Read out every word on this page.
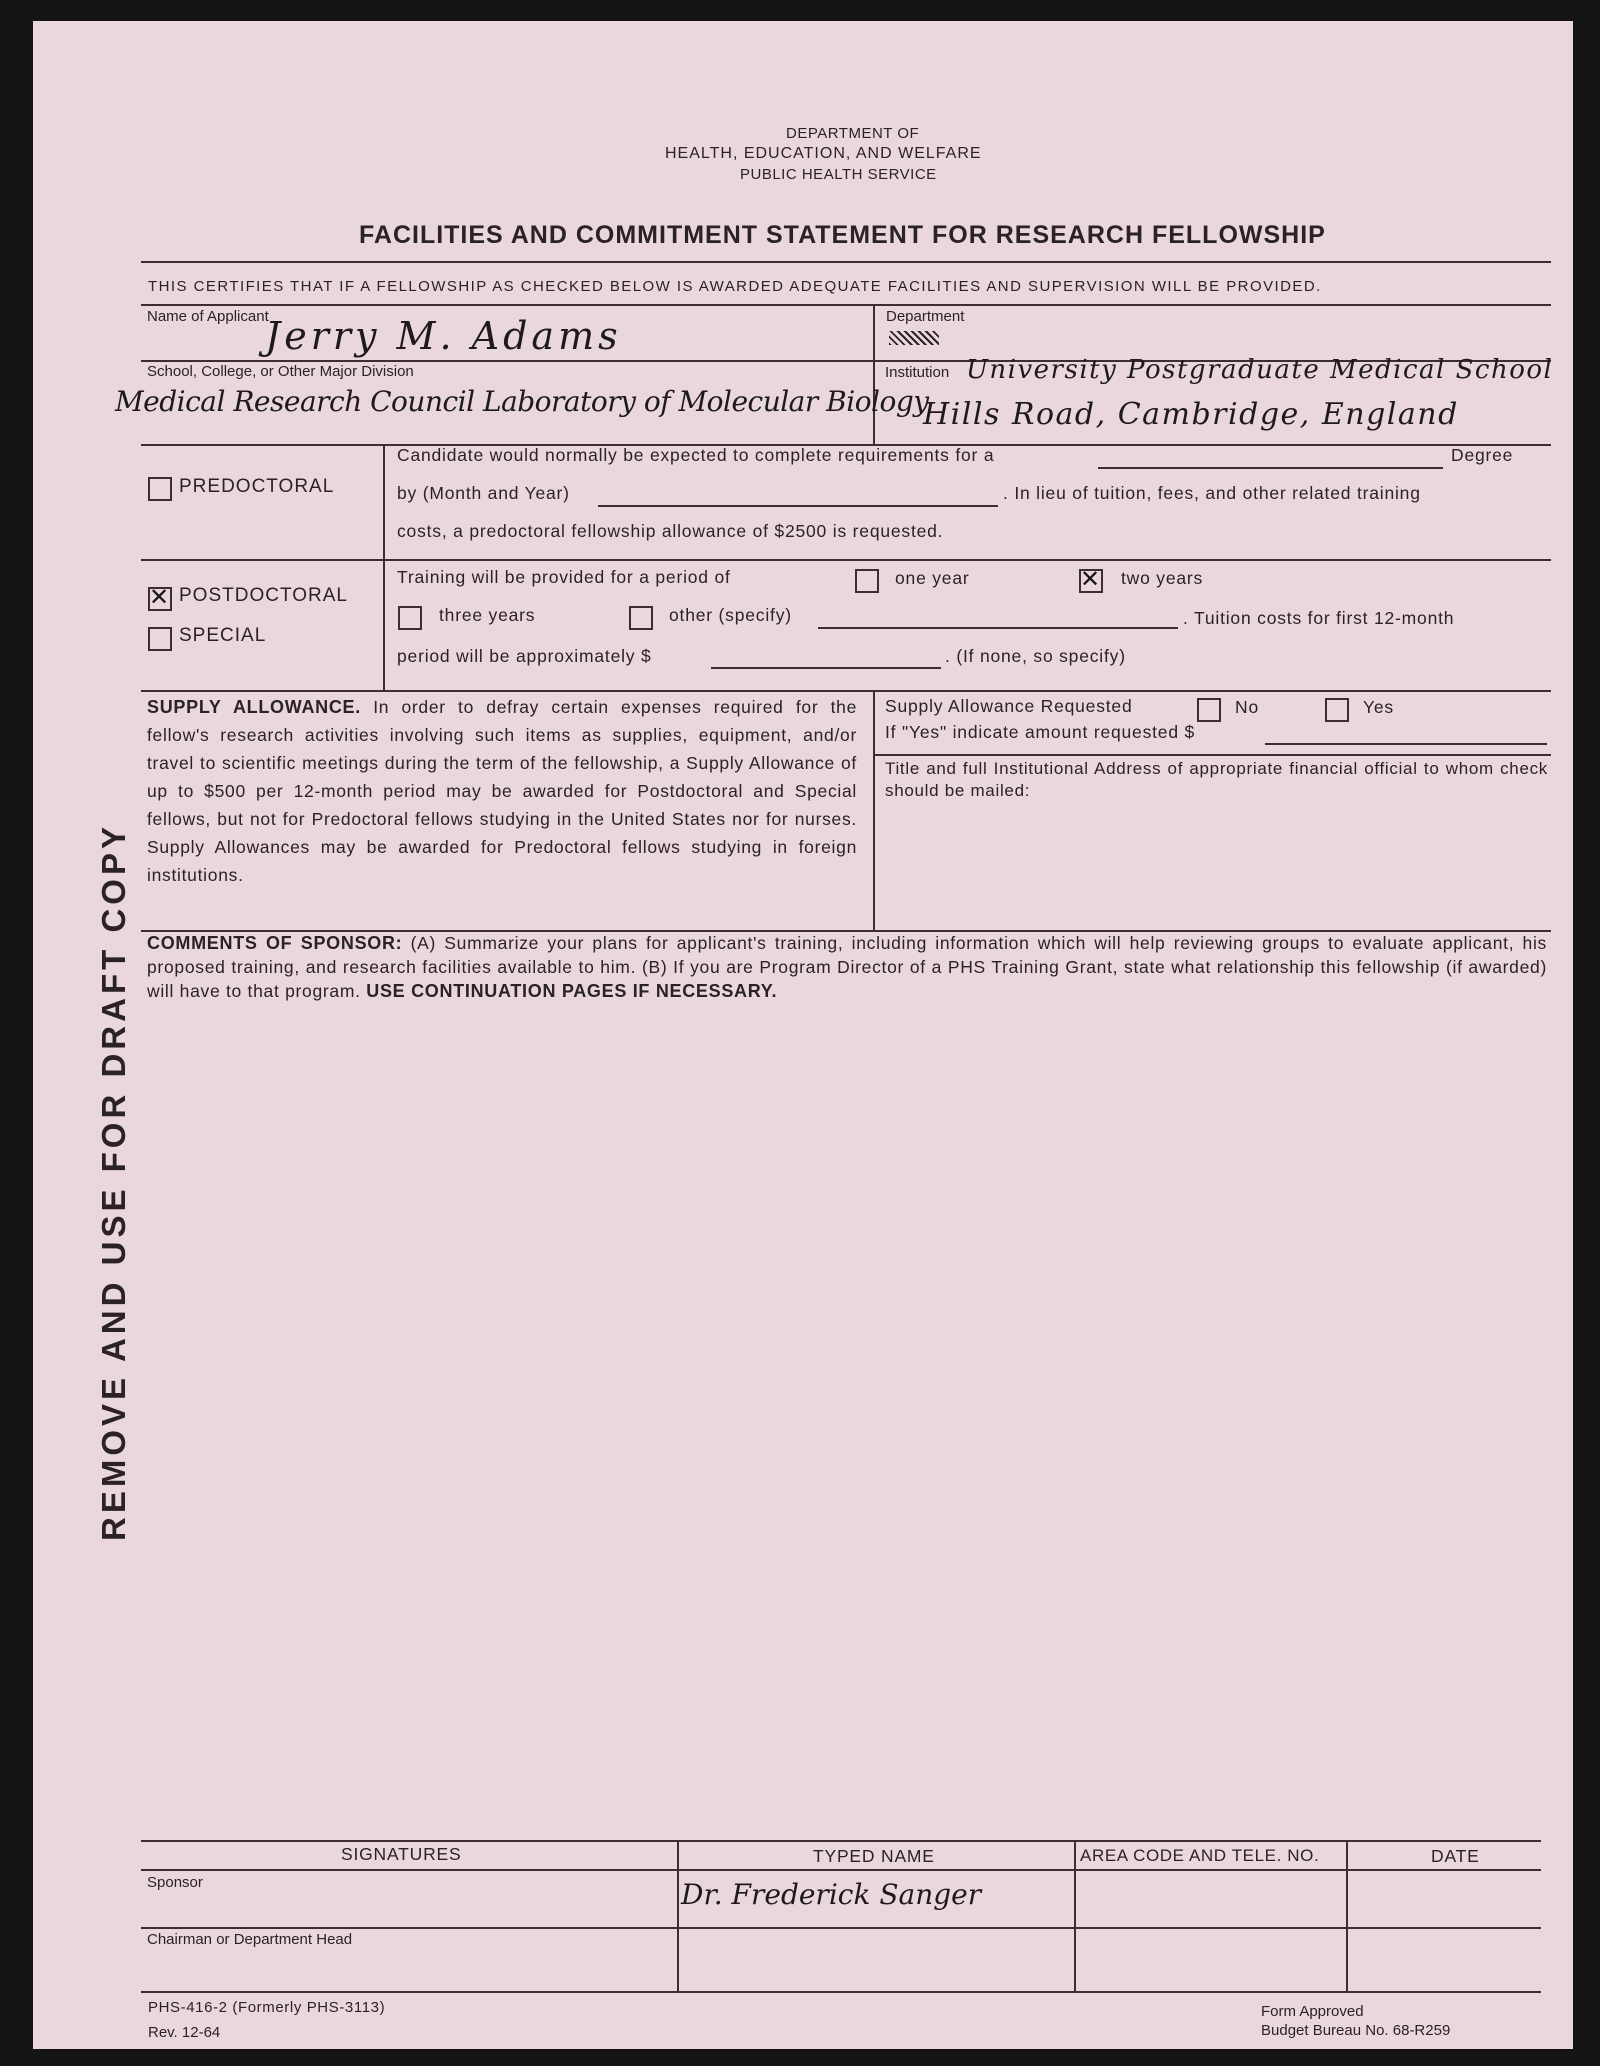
DEPARTMENT OF
HEALTH, EDUCATION, AND WELFARE
PUBLIC HEALTH SERVICE
FACILITIES AND COMMITMENT STATEMENT FOR RESEARCH FELLOWSHIP
THIS CERTIFIES THAT IF A FELLOWSHIP AS CHECKED BELOW IS AWARDED ADEQUATE FACILITIES AND SUPERVISION WILL BE PROVIDED.
Name of Applicant
Jerry M. Adams
School, College, or Other Major Division
Medical Research Council Laboratory of Molecular Biology
Department
Institution University Postgraduate Medical School
Hills Road, Cambridge, England
PREDOCTORAL
Candidate would normally be expected to complete requirements for a	Degree
by (Month and Year)	. In lieu of tuition, fees, and other related training
costs, a predoctoral fellowship allowance of $2500 is requested.
✕
POSTDOCTORAL
SPECIAL
Training will be provided for a period of	one year
✕	two years
three years	other (specify)	. Tuition costs for first 12-month
period will be approximately $	. (If none, so specify)

SUPPLY ALLOWANCE. In order to defray certain expenses required for the fellow's research activities involving such items as supplies, equipment, and/or travel to scientific meetings during the term of the fellowship, a Supply Allowance of up to $500 per 12-month period may be awarded for Postdoctoral and Special fellows, but not for Predoctoral fellows studying in the United States nor for nurses. Supply Allowances may be awarded for Predoctoral fellows studying in foreign institutions.

Supply Allowance Requested	No	Yes
If "Yes" indicate amount requested $

Title and full Institutional Address of appropriate financial official to whom check should be mailed:

COMMENTS OF SPONSOR: (A) Summarize your plans for applicant's training, including information which will help reviewing groups to evaluate applicant, his proposed training, and research facilities available to him. (B) If you are Program Director of a PHS Training Grant, state what relationship this fellowship (if awarded) will have to that program. USE CONTINUATION PAGES IF NECESSARY.

SIGNATURES	TYPED NAME	AREA CODE AND TELE. NO.	DATE
Sponsor	Dr. Frederick Sanger
Chairman or Department Head
PHS-416-2 (Formerly PHS-3113)
Rev. 12-64
Form Approved
Budget Bureau No. 68-R259
REMOVE AND USE FOR DRAFT COPY
